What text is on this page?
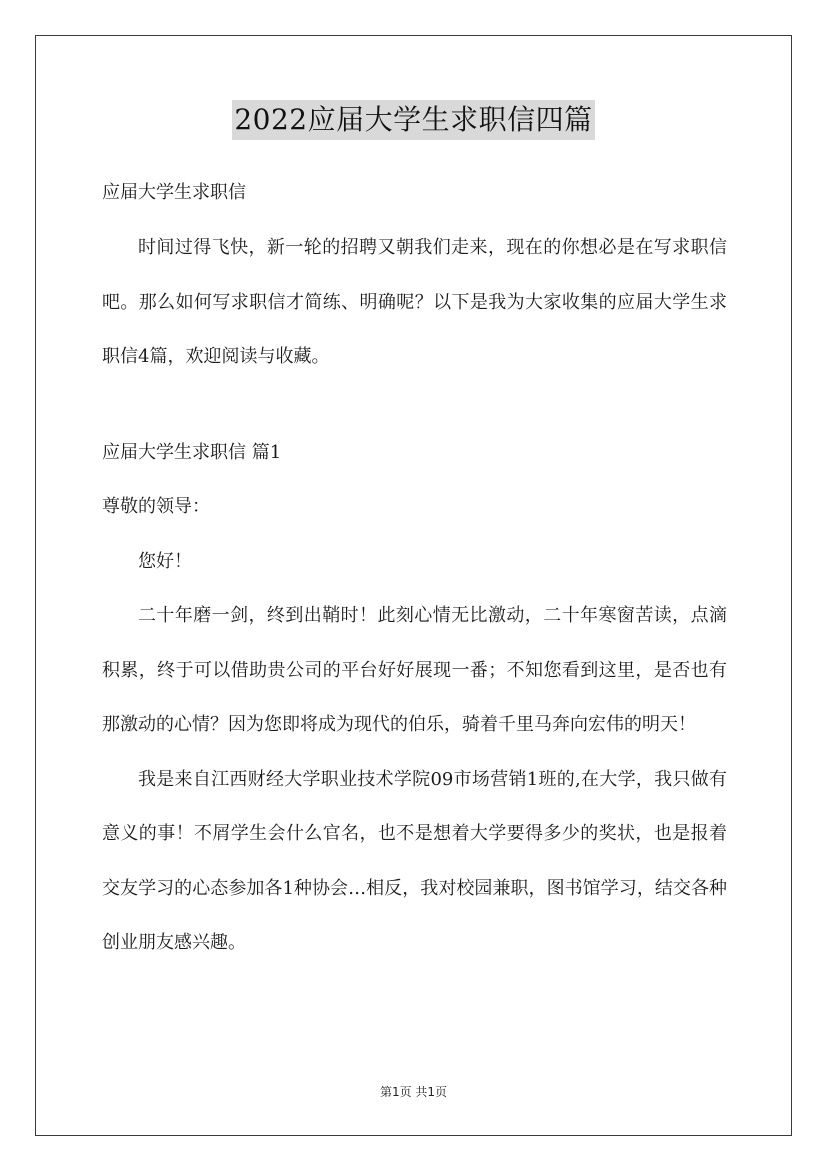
2022应届大学生求职信四篇
应届大学生求职信

时间过得飞快，新一轮的招聘又朝我们走来，现在的你想必是在写求职信吧。那么如何写求职信才简练、明确呢？以下是我为大家收集的应届大学生求职信4篇，欢迎阅读与收藏。

应届大学生求职信 篇1

尊敬的领导：

您好！

二十年磨一剑，终到出鞘时！此刻心情无比激动，二十年寒窗苦读，点滴积累，终于可以借助贵公司的平台好好展现一番；不知您看到这里，是否也有那激动的心情？因为您即将成为现代的伯乐，骑着千里马奔向宏伟的明天！

我是来自江西财经大学职业技术学院09市场营销1班的,在大学，我只做有意义的事！不屑学生会什么官名，也不是想着大学要得多少的奖状，也是报着交友学习的心态参加各1种协会…相反，我对校园兼职，图书馆学习，结交各种创业朋友感兴趣。

第1页 共1页
